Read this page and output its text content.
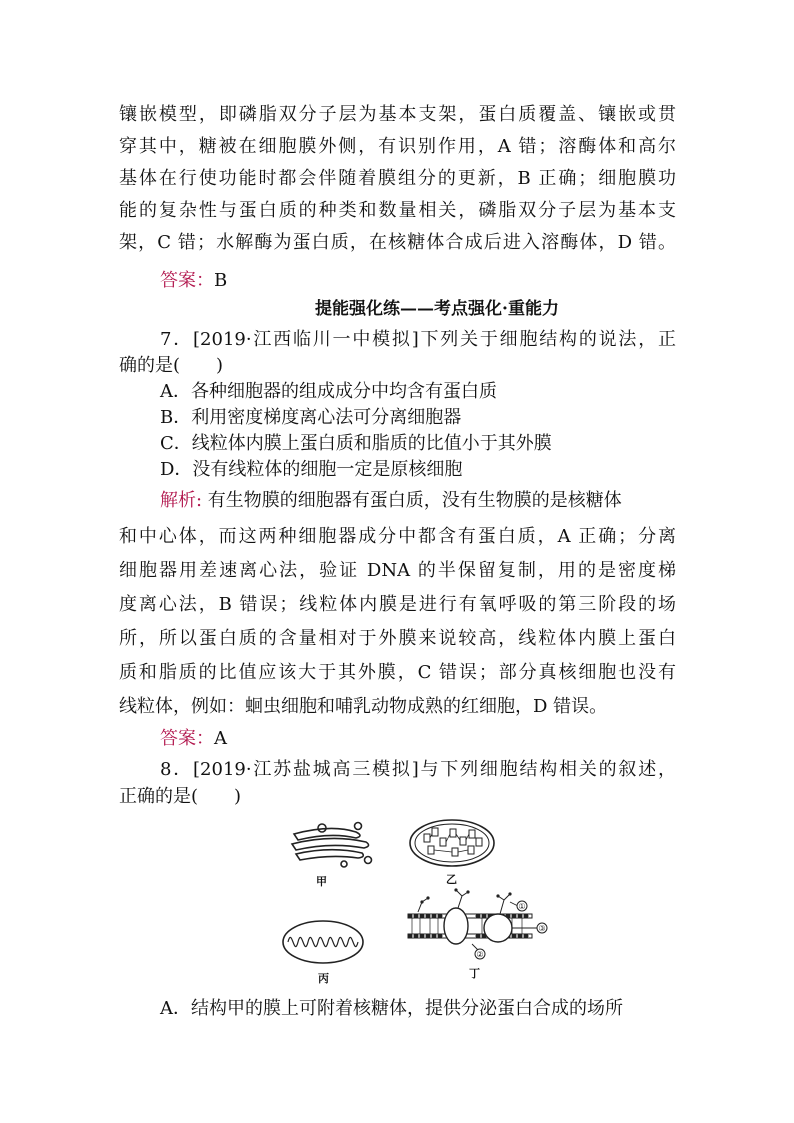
镶嵌模型，即磷脂双分子层为基本支架，蛋白质覆盖、镶嵌或贯
穿其中，糖被在细胞膜外侧，有识别作用，A 错；溶酶体和高尔
基体在行使功能时都会伴随着膜组分的更新，B 正确；细胞膜功
能的复杂性与蛋白质的种类和数量相关，磷脂双分子层为基本支
架，C 错；水解酶为蛋白质，在核糖体合成后进入溶酶体，D 错。
答案：B
提能强化练——考点强化·重能力
7．[2019·江西临川一中模拟]下列关于细胞结构的说法，正
确的是(　　)
A．各种细胞器的组成成分中均含有蛋白质
B．利用密度梯度离心法可分离细胞器
C．线粒体内膜上蛋白质和脂质的比值小于其外膜
D．没有线粒体的细胞一定是原核细胞
解析: 有生物膜的细胞器有蛋白质，没有生物膜的是核糖体
和中心体，而这两种细胞器成分中都含有蛋白质，A 正确；分离
细胞器用差速离心法，验证 DNA 的半保留复制，用的是密度梯
度离心法，B 错误；线粒体内膜是进行有氧呼吸的第三阶段的场
所，所以蛋白质的含量相对于外膜来说较高，线粒体内膜上蛋白
质和脂质的比值应该大于其外膜，C 错误；部分真核细胞也没有
线粒体，例如：蛔虫细胞和哺乳动物成熟的红细胞，D 错误。
答案：A
8．[2019·江苏盐城高三模拟]与下列细胞结构相关的叙述，
正确的是(　　)
甲	乙
丙
①
③
②
丁
A．结构甲的膜上可附着核糖体，提供分泌蛋白合成的场所
